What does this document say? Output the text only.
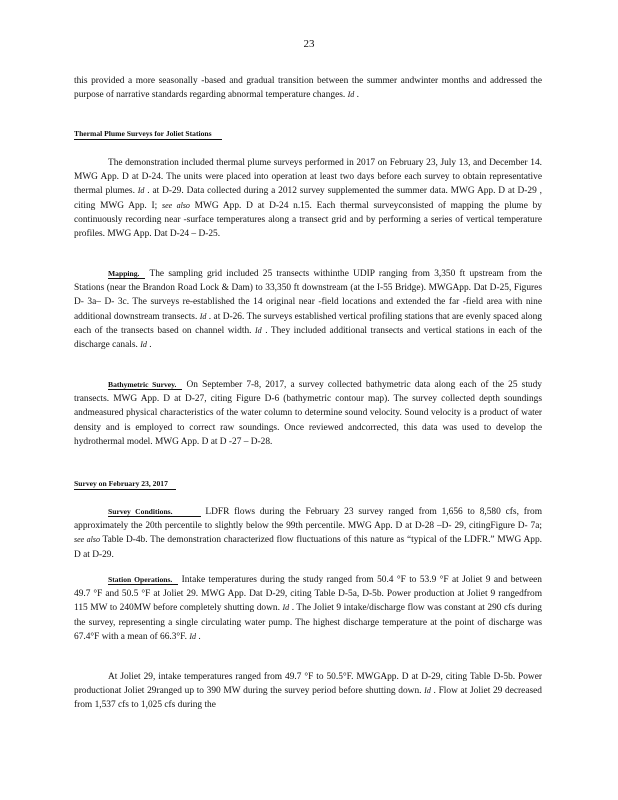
23

this provided a more seasonally -based and gradual transition between the summer andwinter months and addressed the purpose of narrative standards regarding abnormal temperature changes. Id .

Thermal Plume Surveys for Joliet Stations

The demonstration included thermal plume surveys performed in 2017 on February 23, July 13, and December 14. MWG App. D at D-24. The units were placed into operation at least two days before each survey to obtain representative thermal plumes. Id . at D-29. Data collected during a 2012 survey supplemented the summer data. MWG App. D at D-29 , citing MWG App. I; see also MWG App. D at D-24 n.15. Each thermal surveyconsisted of mapping the plume by continuously recording near -surface temperatures along a transect grid and by performing a series of vertical temperature profiles. MWG App. Dat D-24 – D-25.

Mapping. The sampling grid included 25 transects withinthe UDIP ranging from 3,350 ft upstream from the Stations (near the Brandon Road Lock & Dam) to 33,350 ft downstream (at the I-55 Bridge). MWGApp. Dat D-25, Figures D- 3a– D- 3c. The surveys re-established the 14 original near -field locations and extended the far -field area with nine additional downstream transects. Id . at D-26. The surveys established vertical profiling stations that are evenly spaced along each of the transects based on channel width. Id . They included additional transects and vertical stations in each of the discharge canals. Id .

Bathymetric Survey. On September 7-8, 2017, a survey collected bathymetric data along each of the 25 study transects. MWG App. D at D-27, citing Figure D-6 (bathymetric contour map). The survey collected depth soundings andmeasured physical characteristics of the water column to determine sound velocity. Sound velocity is a product of water density and is employed to correct raw soundings. Once reviewed andcorrected, this data was used to develop the hydrothermal model. MWG App. D at D -27 – D-28.

Survey on February 23, 2017

Survey Conditions.	LDFR flows during the February 23 survey ranged from 1,656 to 8,580 cfs, from approximately the 20th percentile to slightly below the 99th percentile. MWG App. D at D-28 –D- 29, citingFigure D- 7a; see also Table D-4b. The demonstration characterized flow fluctuations of this nature as “typical of the LDFR.” MWG App. D at D-29.

Station Operations. Intake temperatures during the study ranged from 50.4 °F to 53.9 °F at Joliet 9 and between 49.7 °F and 50.5 °F at Joliet 29. MWG App. Dat D-29, citing Table D-5a, D-5b. Power production at Joliet 9 rangedfrom 115 MW to 240MW before completely shutting down. Id . The Joliet 9 intake/discharge flow was constant at 290 cfs during the survey, representing a single circulating water pump. The highest discharge temperature at the point of discharge was 67.4°F with a mean of 66.3°F. Id .

At Joliet 29, intake temperatures ranged from 49.7 °F to 50.5°F. MWGApp. D at D-29, citing Table D-5b. Power productionat Joliet 29ranged up to 390 MW during the survey period before shutting down. Id . Flow at Joliet 29 decreased from 1,537 cfs to 1,025 cfs during the
